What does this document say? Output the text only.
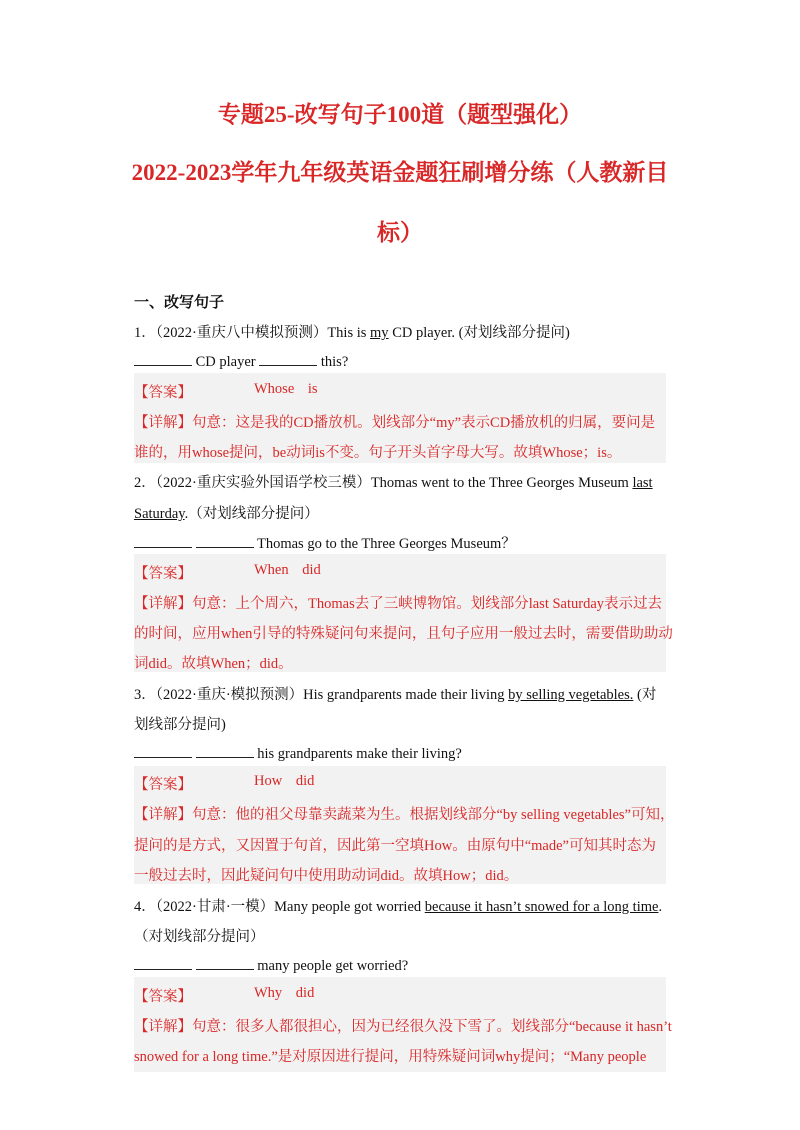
专题25-改写句子100道（题型强化）
2022-2023学年九年级英语金题狂刷增分练（人教新目
标）
一、改写句子
1．（2022·重庆八中模拟预测）This is my CD player. (对划线部分提问)
CD player	this?
【答案】	Whose is
【详解】句意：这是我的CD播放机。划线部分“my”表示CD播放机的归属，要问是
谁的，用whose提问，be动词is不变。句子开头首字母大写。故填Whose；is。
2．（2022·重庆实验外国语学校三模）Thomas went to the Three Georges Museum last
Saturday.（对划线部分提问）
Thomas go to the Three Georges Museum？
【答案】	When did
【详解】句意：上个周六，Thomas去了三峡博物馆。划线部分last Saturday表示过去
的时间，应用when引导的特殊疑问句来提问，且句子应用一般过去时，需要借助助动
词did。故填When；did。
3．（2022·重庆·模拟预测）His grandparents made their living by selling vegetables. (对
划线部分提问)
his grandparents make their living?
【答案】	How did
【详解】句意：他的祖父母靠卖蔬菜为生。根据划线部分“by selling vegetables”可知，
提问的是方式，又因置于句首，因此第一空填How。由原句中“made”可知其时态为
一般过去时，因此疑问句中使用助动词did。故填How；did。
4．（2022·甘肃·一模）Many people got worried because it hasn’t snowed for a long time.
（对划线部分提问）
many people get worried?
【答案】	Why did
【详解】句意：很多人都很担心，因为已经很久没下雪了。划线部分“because it hasn’t
snowed for a long time.”是对原因进行提问，用特殊疑问词why提问；“Many people
